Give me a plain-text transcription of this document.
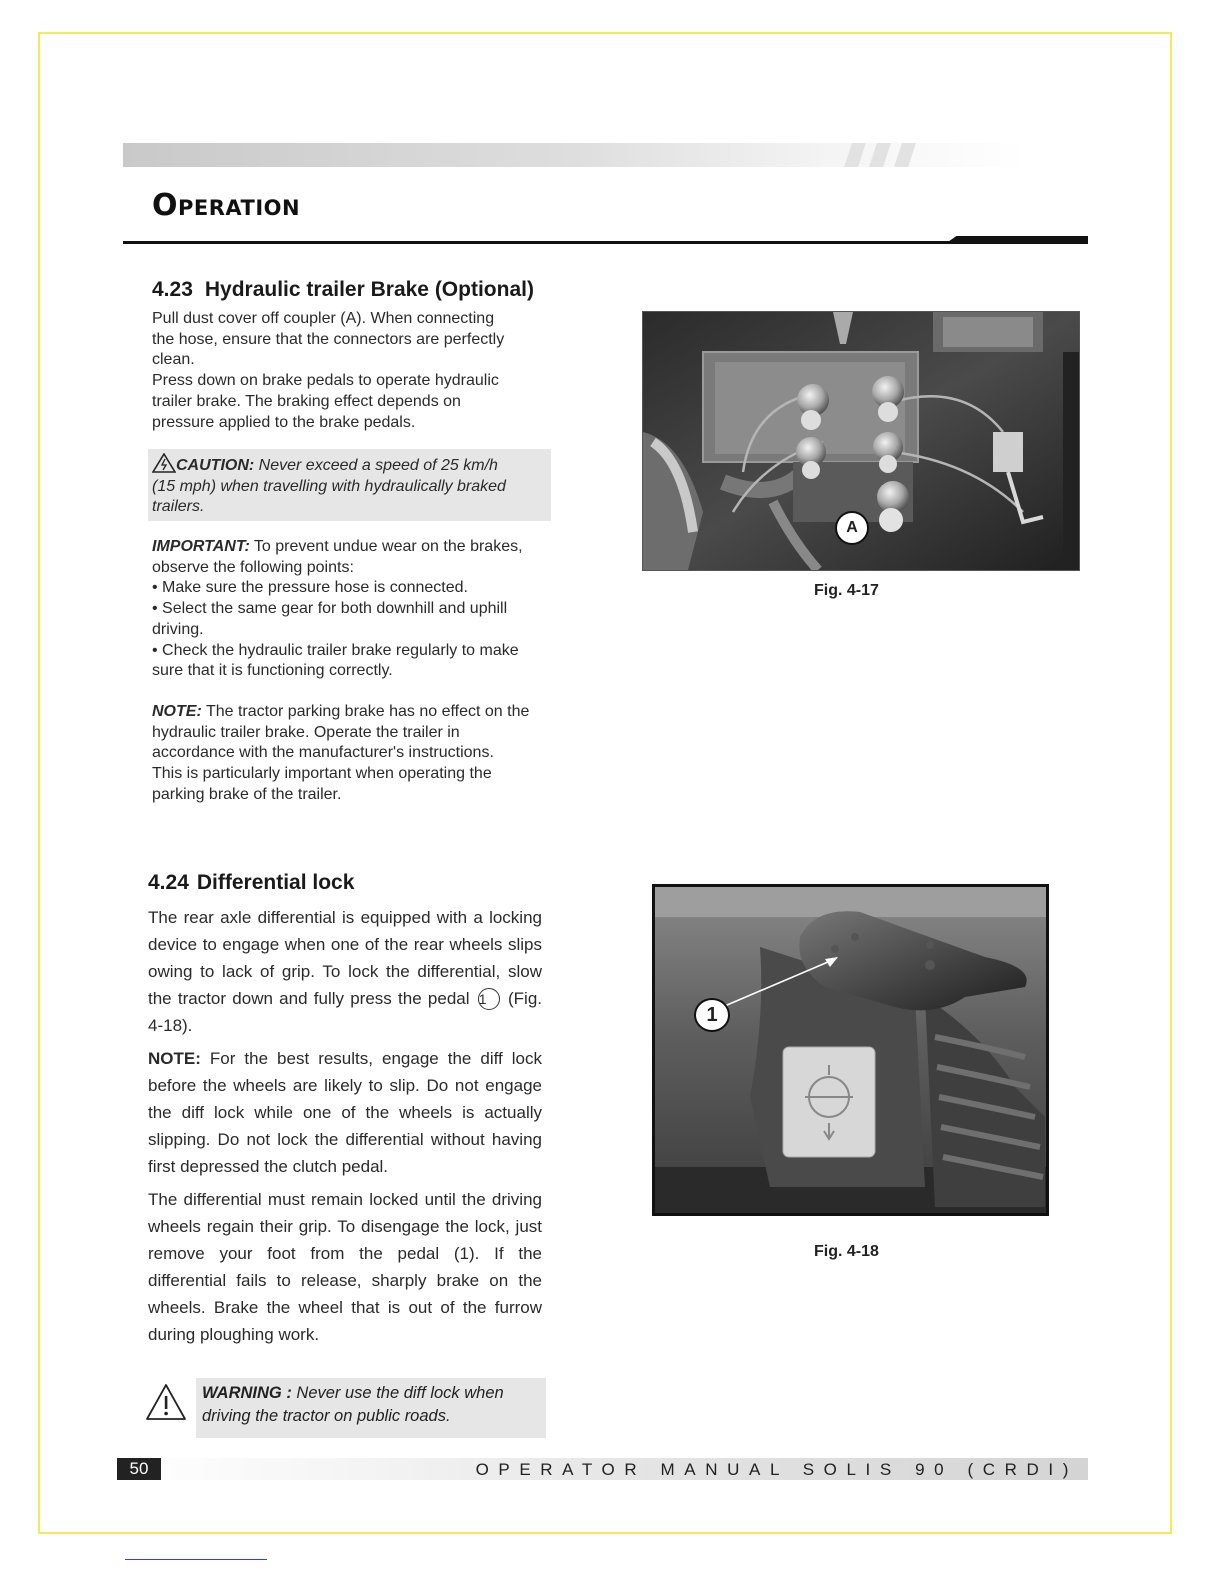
Operation
4.23 Hydraulic trailer Brake (Optional)

Pull dust cover off coupler (A). When connecting
the hose, ensure that the connectors are perfectly
clean.
Press down on brake pedals to operate hydraulic
trailer brake. The braking effect depends on
pressure applied to the brake pedals.

CAUTION: Never exceed a speed of 25 km/h
(15 mph) when travelling with hydraulically braked
trailers.

IMPORTANT: To prevent undue wear on the brakes,
observe the following points:
• Make sure the pressure hose is connected.
• Select the same gear for both downhill and uphill
driving.
• Check the hydraulic trailer brake regularly to make
sure that it is functioning correctly.

NOTE: The tractor parking brake has no effect on the
hydraulic trailer brake. Operate the trailer in
accordance with the manufacturer's instructions.
This is particularly important when operating the
parking brake of the trailer.

A

Fig. 4-17

4.24 Differential lock

The rear axle differential is equipped with a locking device to engage when one of the rear wheels slips owing to lack of grip. To lock the differential, slow the tractor down and fully press the pedal 1 (Fig. 4-18).

NOTE: For the best results, engage the diff lock before the wheels are likely to slip. Do not engage the diff lock while one of the wheels is actually slipping. Do not lock the differential without having first depressed the clutch pedal.

The differential must remain locked until the driving wheels regain their grip. To disengage the lock, just remove your foot from the pedal (1). If the differential fails to release, sharply brake on the wheels. Brake the wheel that is out of the furrow during ploughing work.

WARNING : Never use the diff lock when driving the tractor on public roads.

1

Fig. 4-18

50	OPERATOR MANUAL SOLIS 90 (CRDI)
